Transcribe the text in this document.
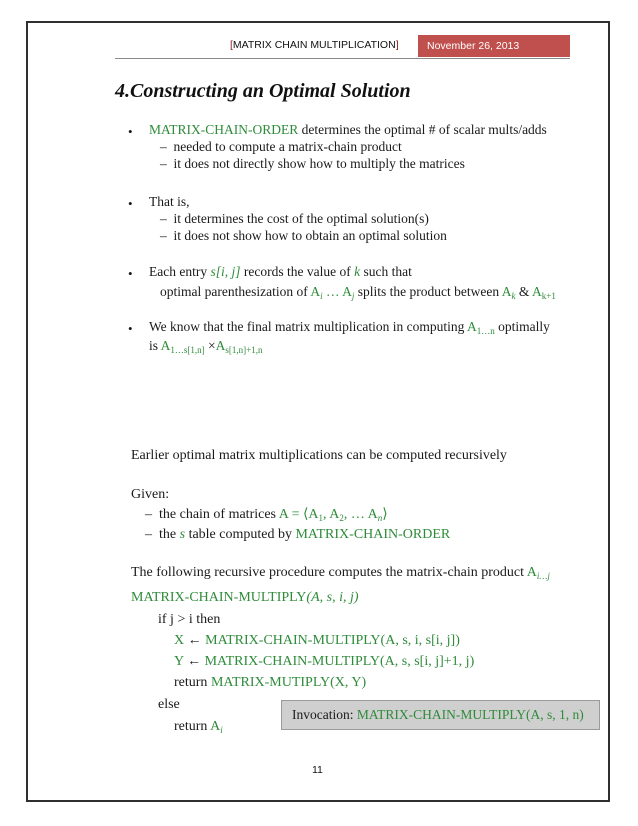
[MATRIX CHAIN MULTIPLICATION]	November 26, 2013
4.Constructing an Optimal Solution
• MATRIX-CHAIN-ORDER determines the optimal # of scalar mults/adds
–  needed to compute a matrix-chain product
–  it does not directly show how to multiply the matrices
• That is,
–  it determines the cost of the optimal solution(s)
–  it does not show how to obtain an optimal solution
• Each entry s[i, j] records the value of k such that
optimal parenthesization of $A_i$ … $A_j$ splits the product between $A_k$ & $A_{k+1}$
• We know that the final matrix multiplication in computing $A_{1\dots n}$ optimally
is $A_{1\dots s[1,n]} \times A_{s[1,n]+1,n}$
Earlier optimal matrix multiplications can be computed recursively
Given:
–  the chain of matrices $A = ⟨A_1$, $A_2$, … $A_n⟩$
–  the s table computed by MATRIX-CHAIN-ORDER
The following recursive procedure computes the matrix-chain product $A_{i\dots j}$
MATRIX-CHAIN-MULTIPLY(A, s, i, j)
if j > i then
X ← MATRIX-CHAIN-MULTIPLY(A, s, i, s[i, j])
Y ← MATRIX-CHAIN-MULTIPLY(A, s, s[i, j]+1, j)
return MATRIX-MUTIPLY(X, Y)
else
return $A_i$
Invocation: MATRIX-CHAIN-MULTIPLY(A, s, 1, n)
11
